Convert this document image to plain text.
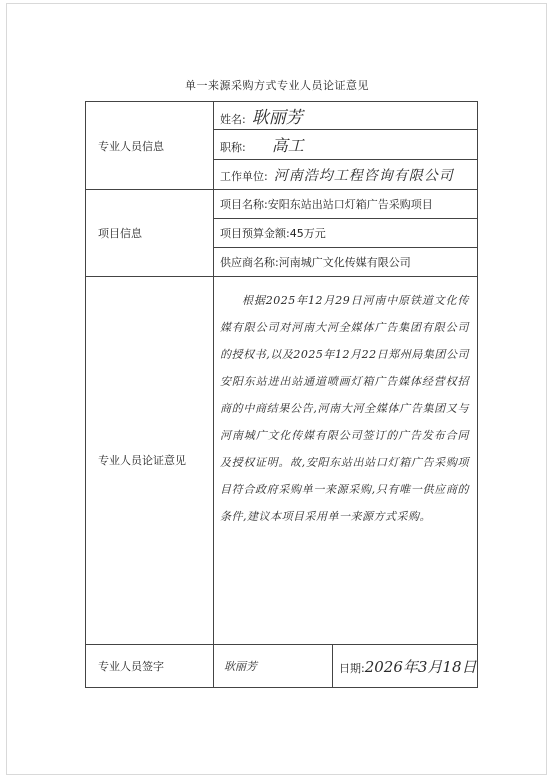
单一来源采购方式专业人员论证意见
专业人员信息	姓名: 耿丽芳
职称: 高工
工作单位: 河南浩均工程咨询有限公司
项目信息	项目名称:安阳东站出站口灯箱广告采购项目
项目预算金额:45万元
供应商名称:河南城广文化传媒有限公司
专业人员论证意见	根据2025年12月29日河南中原铁道文化传媒有限公司对河南大河全媒体广告集团有限公司的授权书,以及2025年12月22日郑州局集团公司安阳东站进出站通道喷画灯箱广告媒体经营权招商的中商结果公告,河南大河全媒体广告集团又与河南城广文化传媒有限公司签订的广告发布合同及授权证明。故,安阳东站出站口灯箱广告采购项目符合政府采购单一来源采购,只有唯一供应商的条件,建议本项目采用单一来源方式采购。
专业人员签字		耿丽芳	日期:2026年3月18日
